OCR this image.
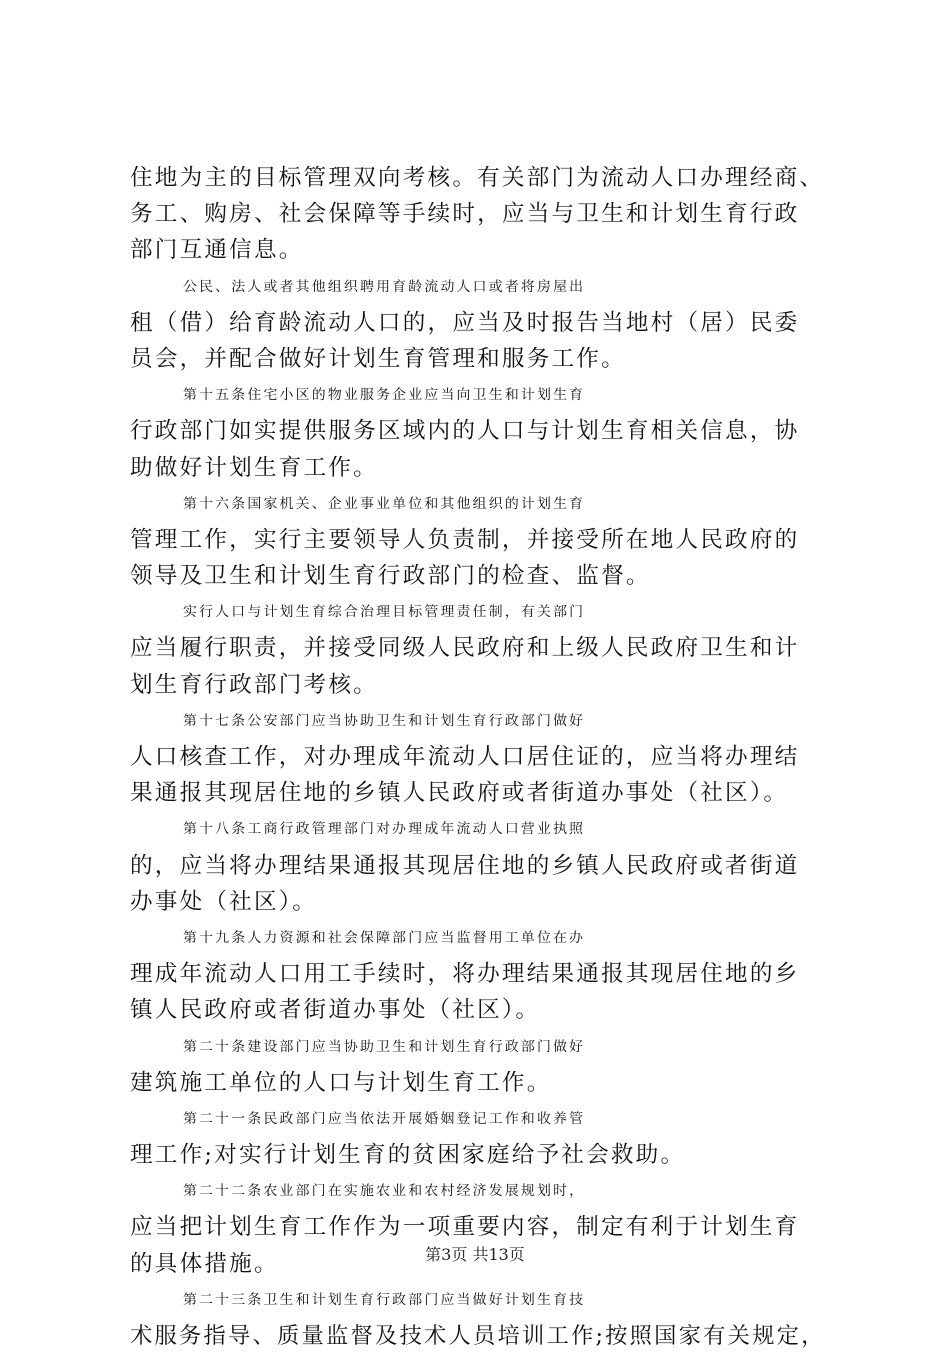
住地为主的目标管理双向考核。有关部门为流动人口办理经商、
务工、购房、社会保障等手续时，应当与卫生和计划生育行政
部门互通信息。
公民、法人或者其他组织聘用育龄流动人口或者将房屋出
租（借）给育龄流动人口的，应当及时报告当地村（居）民委
员会，并配合做好计划生育管理和服务工作。
第十五条住宅小区的物业服务企业应当向卫生和计划生育
行政部门如实提供服务区域内的人口与计划生育相关信息，协
助做好计划生育工作。
第十六条国家机关、企业事业单位和其他组织的计划生育
管理工作，实行主要领导人负责制，并接受所在地人民政府的
领导及卫生和计划生育行政部门的检查、监督。
实行人口与计划生育综合治理目标管理责任制，有关部门
应当履行职责，并接受同级人民政府和上级人民政府卫生和计
划生育行政部门考核。
第十七条公安部门应当协助卫生和计划生育行政部门做好
人口核查工作，对办理成年流动人口居住证的，应当将办理结
果通报其现居住地的乡镇人民政府或者街道办事处（社区）。
第十八条工商行政管理部门对办理成年流动人口营业执照
的，应当将办理结果通报其现居住地的乡镇人民政府或者街道
办事处（社区）。
第十九条人力资源和社会保障部门应当监督用工单位在办
理成年流动人口用工手续时，将办理结果通报其现居住地的乡
镇人民政府或者街道办事处（社区）。
第二十条建设部门应当协助卫生和计划生育行政部门做好
建筑施工单位的人口与计划生育工作。
第二十一条民政部门应当依法开展婚姻登记工作和收养管
理工作;对实行计划生育的贫困家庭给予社会救助。
第二十二条农业部门在实施农业和农村经济发展规划时，
应当把计划生育工作作为一项重要内容，制定有利于计划生育
的具体措施。
第二十三条卫生和计划生育行政部门应当做好计划生育技
术服务指导、质量监督及技术人员培训工作;按照国家有关规定，
第3页 共13页
